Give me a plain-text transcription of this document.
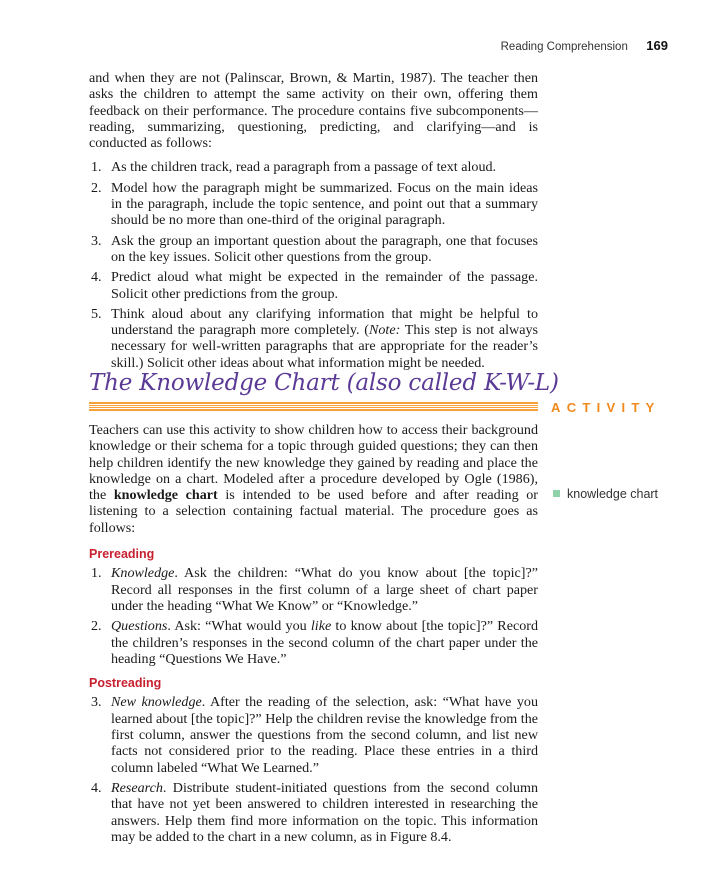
Reading Comprehension 169

and when they are not (Palinscar, Brown, & Martin, 1987). The teacher then asks the children to attempt the same activity on their own, offering them feedback on their performance. The procedure contains five subcomponents—reading, summarizing, questioning, predicting, and clarifying—and is conducted as follows:

1. As the children track, read a paragraph from a passage of text aloud.
2. Model how the paragraph might be summarized. Focus on the main ideas in the paragraph, include the topic sentence, and point out that a summary should be no more than one-third of the original paragraph.
3. Ask the group an important question about the paragraph, one that focuses on the key issues. Solicit other questions from the group.
4. Predict aloud what might be expected in the remainder of the passage. Solicit other predictions from the group.
5. Think aloud about any clarifying information that might be helpful to understand the paragraph more completely. (Note: This step is not always necessary for well-written paragraphs that are appropriate for the reader’s skill.) Solicit other ideas about what information might be needed.
The Knowledge Chart (also called K-W-L)
ACTIVITY
knowledge chart

Teachers can use this activity to show children how to access their background knowledge or their schema for a topic through guided questions; they can then help children identify the new knowledge they gained by reading and place the knowledge on a chart. Modeled after a procedure developed by Ogle (1986), the knowledge chart is intended to be used before and after reading or listening to a selection containing factual material. The procedure goes as follows:

Prereading
1. Knowledge. Ask the children: “What do you know about [the topic]?” Record all responses in the first column of a large sheet of chart paper under the heading “What We Know” or “Knowledge.”
2. Questions. Ask: “What would you like to know about [the topic]?” Record the children’s responses in the second column of the chart paper under the heading “Questions We Have.”
Postreading
3. New knowledge. After the reading of the selection, ask: “What have you learned about [the topic]?” Help the children revise the knowledge from the first column, answer the questions from the second column, and list new facts not considered prior to the reading. Place these entries in a third column labeled “What We Learned.”
4. Research. Distribute student-initiated questions from the second column that have not yet been answered to children interested in researching the answers. Help them find more information on the topic. This information may be added to the chart in a new column, as in Figure 8.4.
